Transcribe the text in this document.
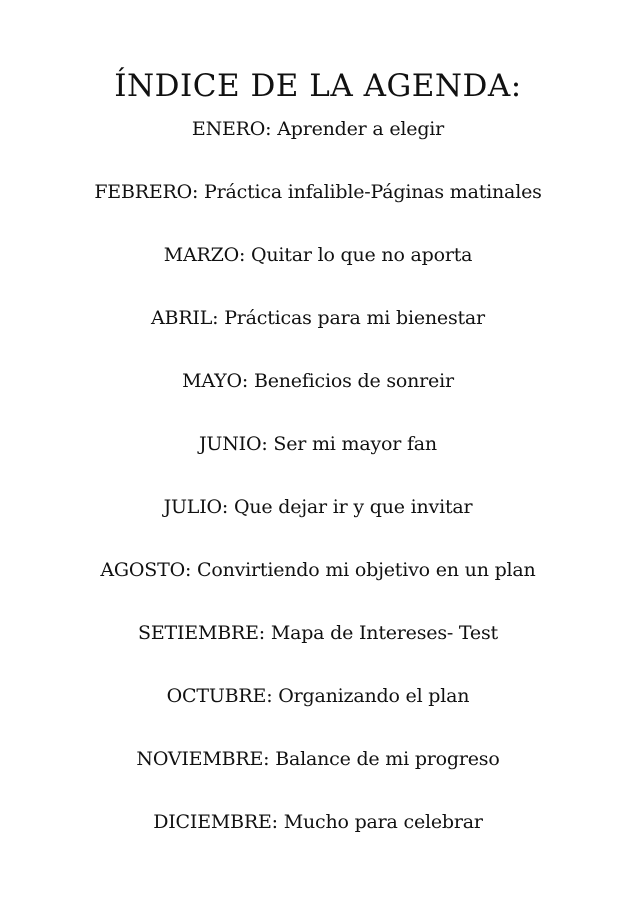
ÍNDICE DE LA AGENDA:
ENERO: Aprender a elegir
FEBRERO: Práctica infalible-Páginas matinales
MARZO: Quitar lo que no aporta
ABRIL: Prácticas para mi bienestar
MAYO: Beneficios de sonreir
JUNIO: Ser mi mayor fan
JULIO: Que dejar ir y que invitar
AGOSTO: Convirtiendo mi objetivo en un plan
SETIEMBRE: Mapa de Intereses- Test
OCTUBRE: Organizando el plan
NOVIEMBRE: Balance de mi progreso
DICIEMBRE: Mucho para celebrar
